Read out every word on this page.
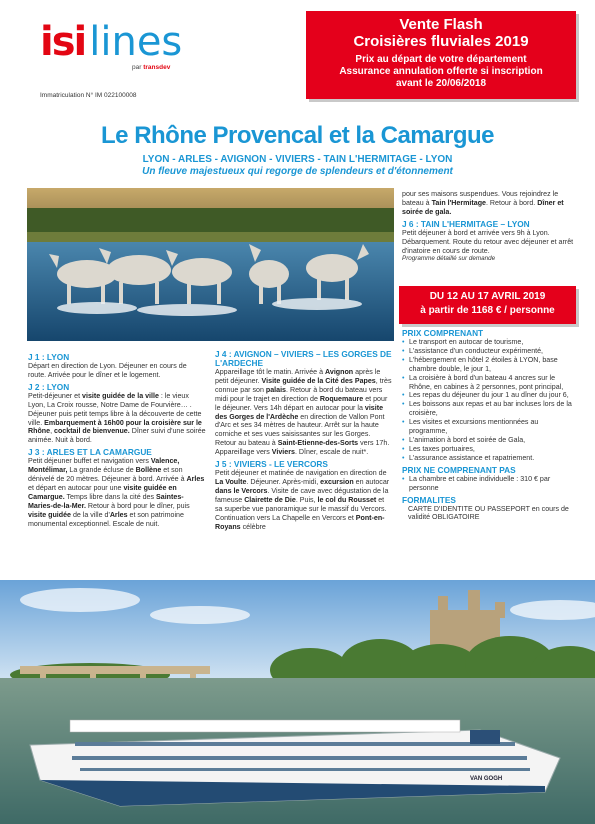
isi lines
par transdev
Immatriculation N° IM 022100008
Vente Flash
Croisières fluviales 2019
Prix au départ de votre département
Assurance annulation offerte si inscription
avant le 20/06/2018
Le Rhône Provencal et la Camargue
LYON - ARLES - AVIGNON - VIVIERS - TAIN L'HERMITAGE - LYON
Un fleuve majestueux qui regorge de splendeurs et d'étonnement
J 1 : LYON

Départ en direction de Lyon. Déjeuner en cours de route. Arrivée pour le dîner et le logement.

J 2 : LYON

Petit-déjeuner et visite guidée de la ville : le vieux Lyon, La Croix rousse, Notre Dame de Fourvière… . Déjeuner puis petit temps libre à la découverte de cette ville. Embarquement à 16h00 pour la croisière sur le Rhône, cocktail de bienvenue. Dîner suivi d'une soirée animée. Nuit à bord.

J 3 : ARLES ET LA CAMARGUE

Petit déjeuner buffet et navigation vers Valence, Montélimar, La grande écluse de Bollène et son dénivelé de 20 mètres. Déjeuner à bord. Arrivée à Arles et départ en autocar pour une visite guidée en Camargue. Temps libre dans la cité des Saintes-Maries-de-la-Mer. Retour à bord pour le dîner, puis visite guidée de la ville d'Arles et son patrimoine monumental exceptionnel. Escale de nuit.

J 4 : AVIGNON – VIVIERS – LES GORGES DE L'ARDECHE

Appareillage tôt le matin. Arrivée à Avignon après le petit déjeuner. Visite guidée de la Cité des Papes, très connue par son palais. Retour à bord du bateau vers midi pour le trajet en direction de Roquemaure et pour le déjeuner. Vers 14h départ en autocar pour la visite des Gorges de l'Ardèche en direction de Vallon Pont d'Arc et ses 34 mètres de hauteur. Arrêt sur la haute corniche et ses vues saisissantes sur les Gorges. Retour au bateau à Saint-Etienne-des-Sorts vers 17h. Appareillage vers Viviers. Dîner, escale de nuit*.

J 5 : VIVIERS - LE VERCORS

Petit déjeuner et matinée de navigation en direction de La Voulte. Déjeuner. Après-midi, excursion en autocar dans le Vercors. Visite de cave avec dégustation de la fameuse Clairette de Die. Puis, le col du Rousset et sa superbe vue panoramique sur le massif du Vercors. Continuation vers La Chapelle en Vercors et Pont-en-Royans célèbre

pour ses maisons suspendues. Vous rejoindrez le bateau à Tain l'Hermitage. Retour à bord. Dîner et soirée de gala.

J 6 : TAIN L'HERMITAGE – LYON

Petit déjeuner à bord et arrivée vers 9h à Lyon. Débarquement. Route du retour avec déjeuner et arrêt d'inatoire en cours de route.

Programme détaillé sur demande

DU 12 AU 17 AVRIL 2019
à partir de 1168 € / personne
PRIX COMPRENANT
• Le transport en autocar de tourisme,
• L'assistance d'un conducteur expérimenté,
• L'hébergement en hôtel 2 étoiles à LYON, base chambre double, le jour 1,
• La croisière à bord d'un bateau 4 ancres sur le Rhône, en cabines à 2 personnes, pont principal,
• Les repas du déjeuner du jour 1 au dîner du jour 6,
• Les boissons aux repas et au bar incluses lors de la croisière,
• Les visites et excursions mentionnées au programme,
• L'animation à bord et soirée de Gala,
• Les taxes portuaires,
• L'assurance assistance et rapatriement.
PRIX NE COMPRENANT PAS
• La chambre et cabine individuelle : 310 € par personne
FORMALITES

CARTE D'IDENTITE OU PASSEPORT en cours de validité OBLIGATOIRE

VAN GOGH
